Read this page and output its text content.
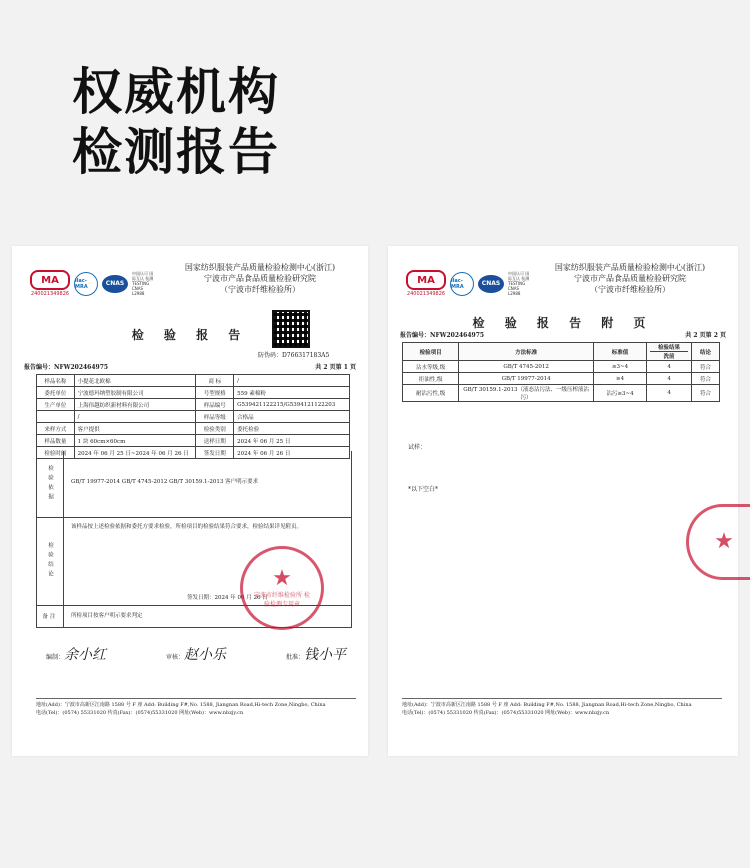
权威机构
检测报告
MA
240021349826
ilac-MRA	CNAS
中国认可 国际互认 检测 TESTING CNAS L2988
国家纺织服装产品质量检验检测中心(浙江)
宁波市产品食品质量检验研究院
（宁波市纤维检验所）
检 验 报 告
防伪码：D766317183A5
报告编号：NFW202464975	共 2 页第 1 页
样品名称	小提花北欧棉	商 标	/
委托单位	宁波德玛纳塑胶制有限公司	号型规格	559 素棉粉
生产单位	上海伟越纺织新材料有限公司	样品编号	G539421122215/G5394121122203
	/	样品等级	合格品
来样方式	客户提供	检验类别	委托检验
样品数量	1 块 60cm×60cm	送样日期	2024 年 06 月 25 日
检验时间	2024 年 06 月 25 日~2024 年 06 月 26 日	签发日期	2024 年 06 月 26 日
检验依据	GB/T 19977-2014 GB/T 4745-2012 GB/T 30159.1-2013 客户明示要求
检验结论
该样品按上述检验依据和委托方要求检验，所检项目的检验结果符合要求，检验结果详见附页。
签发日期：2024 年 06 月 26 日
备注	所检项目按客户明示要求判定
★
宁波市纤维检验所 检验检测专用章
编制：余小红	审核：赵小乐	批准：钱小平
地址(Add)：宁波市高新区江南路 1588 号 F 座 Add: Building F#,No. 1588, Jiangnan Road,Hi-tech Zone,Ningbo, China
电话(Tel)：(0574) 55331020 传真(Fax)：(0574)55331020 网址(Web)：www.nbzjy.cn
MA
240021349826
ilac-MRA	CNAS
中国认可 国际互认 检测 TESTING CNAS L2988
国家纺织服装产品质量检验检测中心(浙江)
宁波市产品食品质量检验研究院
（宁波市纤维检验所）
检 验 报 告 附 页
报告编号：NFW202464975	共 2 页第 2 页
检验项目	方法标准	标准值	检验结果
洗前	结论
沾水等级,级	GB/T 4745-2012	≥3~4	4	符合
拒油性,级	GB/T 19977-2014	≥4	4	符合
耐沾污性,级	GB/T 30159.1-2013（液态沾污法、一级压榨液沾污）	沾污≥3~4	4	符合
试样：
*以下空白*
★
地址(Add)：宁波市高新区江南路 1588 号 F 座 Add: Building F#,No. 1588, Jiangnan Road,Hi-tech Zone,Ningbo, China
电话(Tel)：(0574) 55331020 传真(Fax)：(0574)55331020 网址(Web)：www.nbzjy.cn
